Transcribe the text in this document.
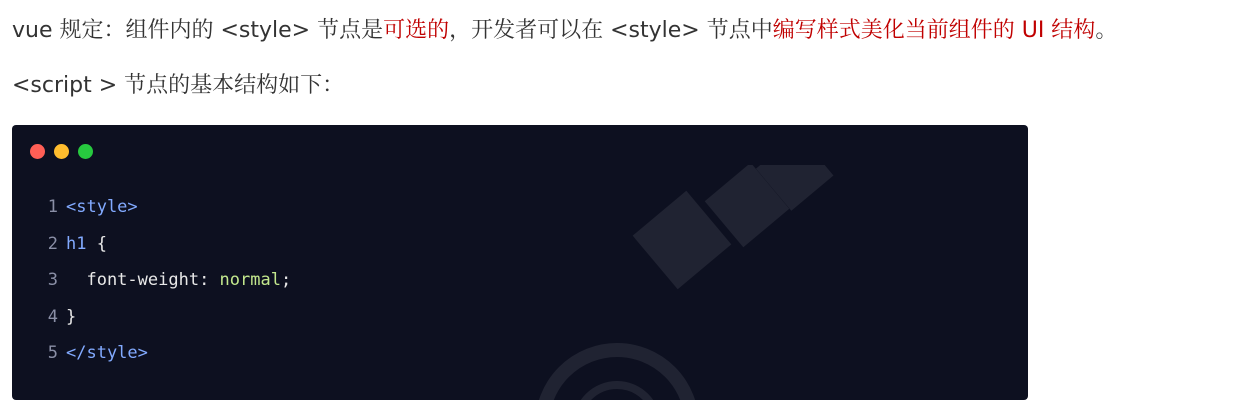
vue 规定：组件内的 <style> 节点是可选的，开发者可以在 <style> 节点中编写样式美化当前组件的 UI 结构。
<script > 节点的基本结构如下：
1 <style>
2 h1 {
3  font-weight: normal;
4 }
5 </style>
